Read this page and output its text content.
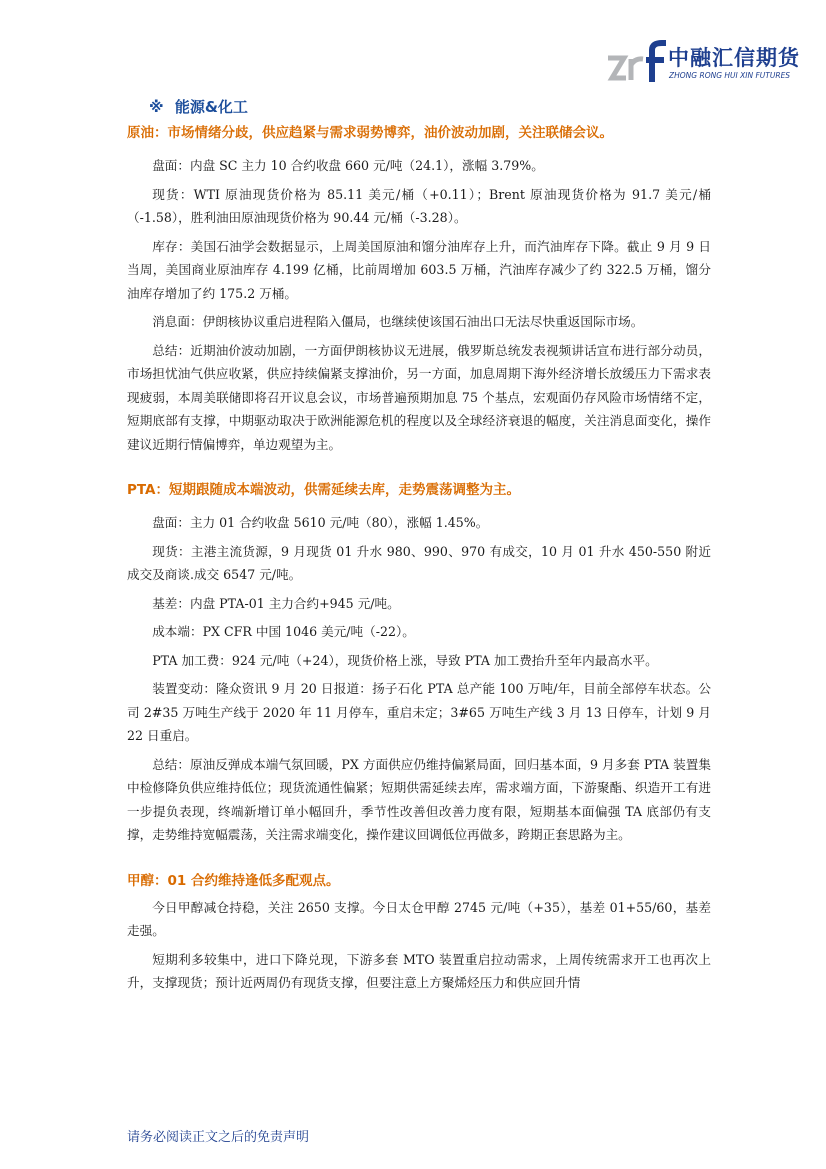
中融汇信期货
ZHONG RONG HUI XIN FUTURES
※ 能源&化工
原油：市场情绪分歧，供应趋紧与需求弱势博弈，油价波动加剧，关注联储会议。

盘面：内盘 SC 主力 10 合约收盘 660 元/吨（24.1），涨幅 3.79%。

现货：WTI 原油现货价格为 85.11 美元/桶（+0.11）；Brent 原油现货价格为 91.7 美元/桶（-1.58），胜利油田原油现货价格为 90.44 元/桶（-3.28）。

库存：美国石油学会数据显示，上周美国原油和馏分油库存上升，而汽油库存下降。截止 9 月 9 日当周，美国商业原油库存 4.199 亿桶，比前周增加 603.5 万桶，汽油库存减少了约 322.5 万桶，馏分油库存增加了约 175.2 万桶。

消息面：伊朗核协议重启进程陷入僵局，也继续使该国石油出口无法尽快重返国际市场。

总结：近期油价波动加剧，一方面伊朗核协议无进展，俄罗斯总统发表视频讲话宣布进行部分动员，市场担忧油气供应收紧，供应持续偏紧支撑油价，另一方面，加息周期下海外经济增长放缓压力下需求表现疲弱，本周美联储即将召开议息会议，市场普遍预期加息 75 个基点，宏观面仍存风险市场情绪不定，短期底部有支撑，中期驱动取决于欧洲能源危机的程度以及全球经济衰退的幅度，关注消息面变化，操作建议近期行情偏博弈，单边观望为主。

PTA：短期跟随成本端波动，供需延续去库，走势震荡调整为主。

盘面：主力 01 合约收盘 5610 元/吨（80），涨幅 1.45%。

现货：主港主流货源，9 月现货 01 升水 980、990、970 有成交，10 月 01 升水 450-550 附近成交及商谈.成交 6547 元/吨。

基差：内盘 PTA-01 主力合约+945 元/吨。

成本端：PX CFR 中国 1046 美元/吨（-22）。

PTA 加工费：924 元/吨（+24），现货价格上涨，导致 PTA 加工费抬升至年内最高水平。

装置变动：隆众资讯 9 月 20 日报道：扬子石化 PTA 总产能 100 万吨/年，目前全部停车状态。公司 2#35 万吨生产线于 2020 年 11 月停车，重启未定；3#65 万吨生产线 3 月 13 日停车，计划 9 月 22 日重启。

总结：原油反弹成本端气氛回暖，PX 方面供应仍维持偏紧局面，回归基本面，9 月多套 PTA 装置集中检修降负供应维持低位；现货流通性偏紧；短期供需延续去库，需求端方面，下游聚酯、织造开工有进一步提负表现，终端新增订单小幅回升，季节性改善但改善力度有限，短期基本面偏强 TA 底部仍有支撑，走势维持宽幅震荡，关注需求端变化，操作建议回调低位再做多，跨期正套思路为主。

甲醇：01 合约维持逢低多配观点。

今日甲醇减仓持稳，关注 2650 支撑。今日太仓甲醇 2745 元/吨（+35），基差 01+55/60，基差走强。

短期利多较集中，进口下降兑现，下游多套 MTO 装置重启拉动需求，上周传统需求开工也再次上升，支撑现货；预计近两周仍有现货支撑，但要注意上方聚烯烃压力和供应回升情

请务必阅读正文之后的免责声明
